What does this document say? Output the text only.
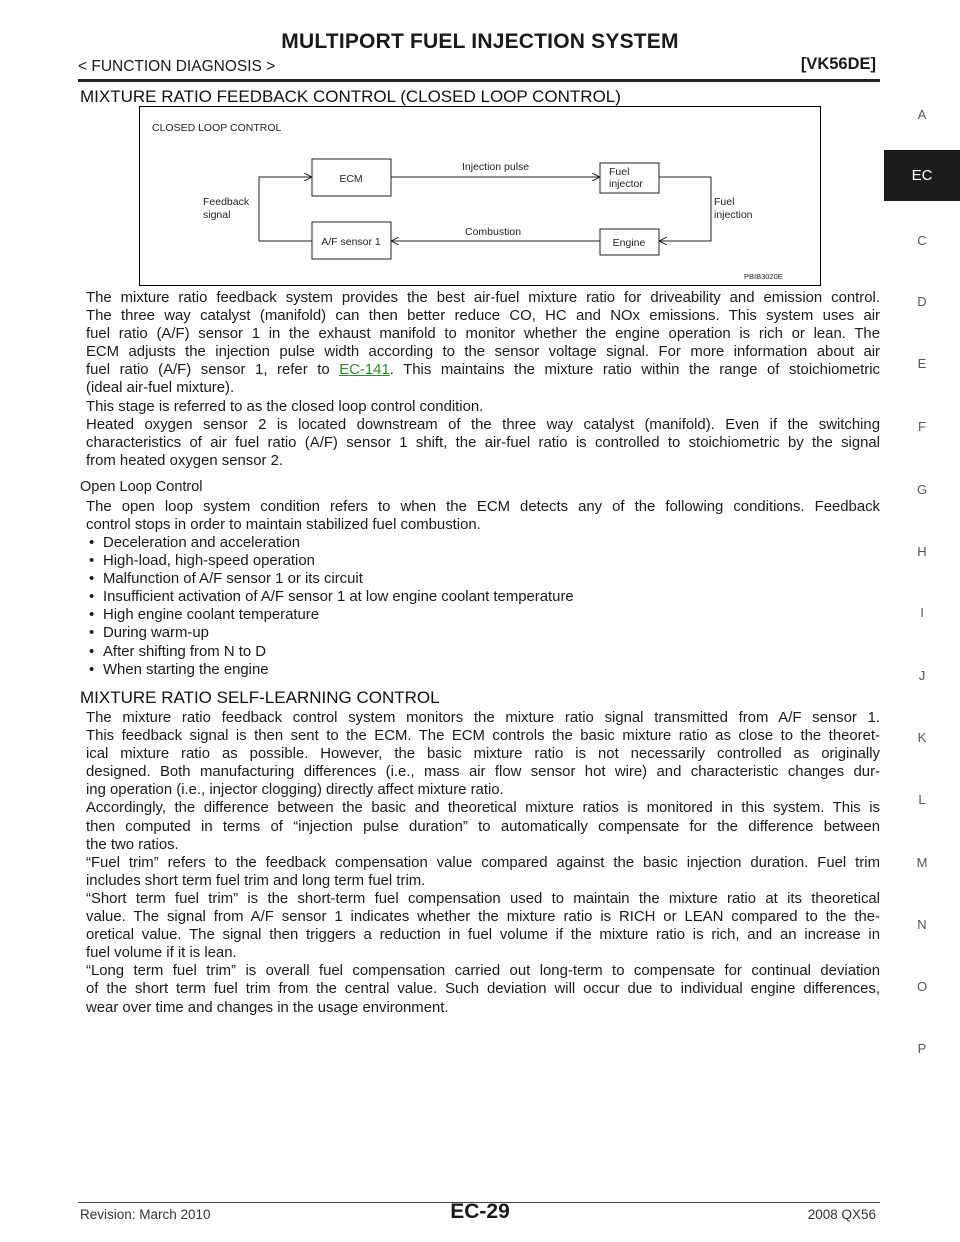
MULTIPORT FUEL INJECTION SYSTEM
< FUNCTION DIAGNOSIS >	[VK56DE]
MIXTURE RATIO FEEDBACK CONTROL (CLOSED LOOP CONTROL)
CLOSED LOOP CONTROL
ECM
A/F sensor 1
Fuel
injector
Engine
Injection pulse
Combustion
Feedback
signal
Fuel
injection
PBIB3020E
The mixture ratio feedback system provides the best air-fuel mixture ratio for driveability and emission control.
The three way catalyst (manifold) can then better reduce CO, HC and NOx emissions. This system uses air
fuel ratio (A/F) sensor 1 in the exhaust manifold to monitor whether the engine operation is rich or lean. The
ECM adjusts the injection pulse width according to the sensor voltage signal. For more information about air
fuel ratio (A/F) sensor 1, refer to EC-141. This maintains the mixture ratio within the range of stoichiometric
(ideal air-fuel mixture).
This stage is referred to as the closed loop control condition.
Heated oxygen sensor 2 is located downstream of the three way catalyst (manifold). Even if the switching
characteristics of air fuel ratio (A/F) sensor 1 shift, the air-fuel ratio is controlled to stoichiometric by the signal
from heated oxygen sensor 2.
Open Loop Control
The open loop system condition refers to when the ECM detects any of the following conditions. Feedback
control stops in order to maintain stabilized fuel combustion.
• Deceleration and acceleration
• High-load, high-speed operation
• Malfunction of A/F sensor 1 or its circuit
• Insufficient activation of A/F sensor 1 at low engine coolant temperature
• High engine coolant temperature
• During warm-up
• After shifting from N to D
• When starting the engine
MIXTURE RATIO SELF-LEARNING CONTROL
The mixture ratio feedback control system monitors the mixture ratio signal transmitted from A/F sensor 1.
This feedback signal is then sent to the ECM. The ECM controls the basic mixture ratio as close to the theoret-
ical mixture ratio as possible. However, the basic mixture ratio is not necessarily controlled as originally
designed. Both manufacturing differences (i.e., mass air flow sensor hot wire) and characteristic changes dur-
ing operation (i.e., injector clogging) directly affect mixture ratio.
Accordingly, the difference between the basic and theoretical mixture ratios is monitored in this system. This is
then computed in terms of “injection pulse duration” to automatically compensate for the difference between
the two ratios.
“Fuel trim” refers to the feedback compensation value compared against the basic injection duration. Fuel trim
includes short term fuel trim and long term fuel trim.
“Short term fuel trim” is the short-term fuel compensation used to maintain the mixture ratio at its theoretical
value. The signal from A/F sensor 1 indicates whether the mixture ratio is RICH or LEAN compared to the the-
oretical value. The signal then triggers a reduction in fuel volume if the mixture ratio is rich, and an increase in
fuel volume if it is lean.
“Long term fuel trim” is overall fuel compensation carried out long-term to compensate for continual deviation
of the short term fuel trim from the central value. Such deviation will occur due to individual engine differences,
wear over time and changes in the usage environment.
A
EC
C
D
E
F
G
H
I
J
K
L
M
N
O
P
Revision: March 2010	EC-29	2008 QX56
